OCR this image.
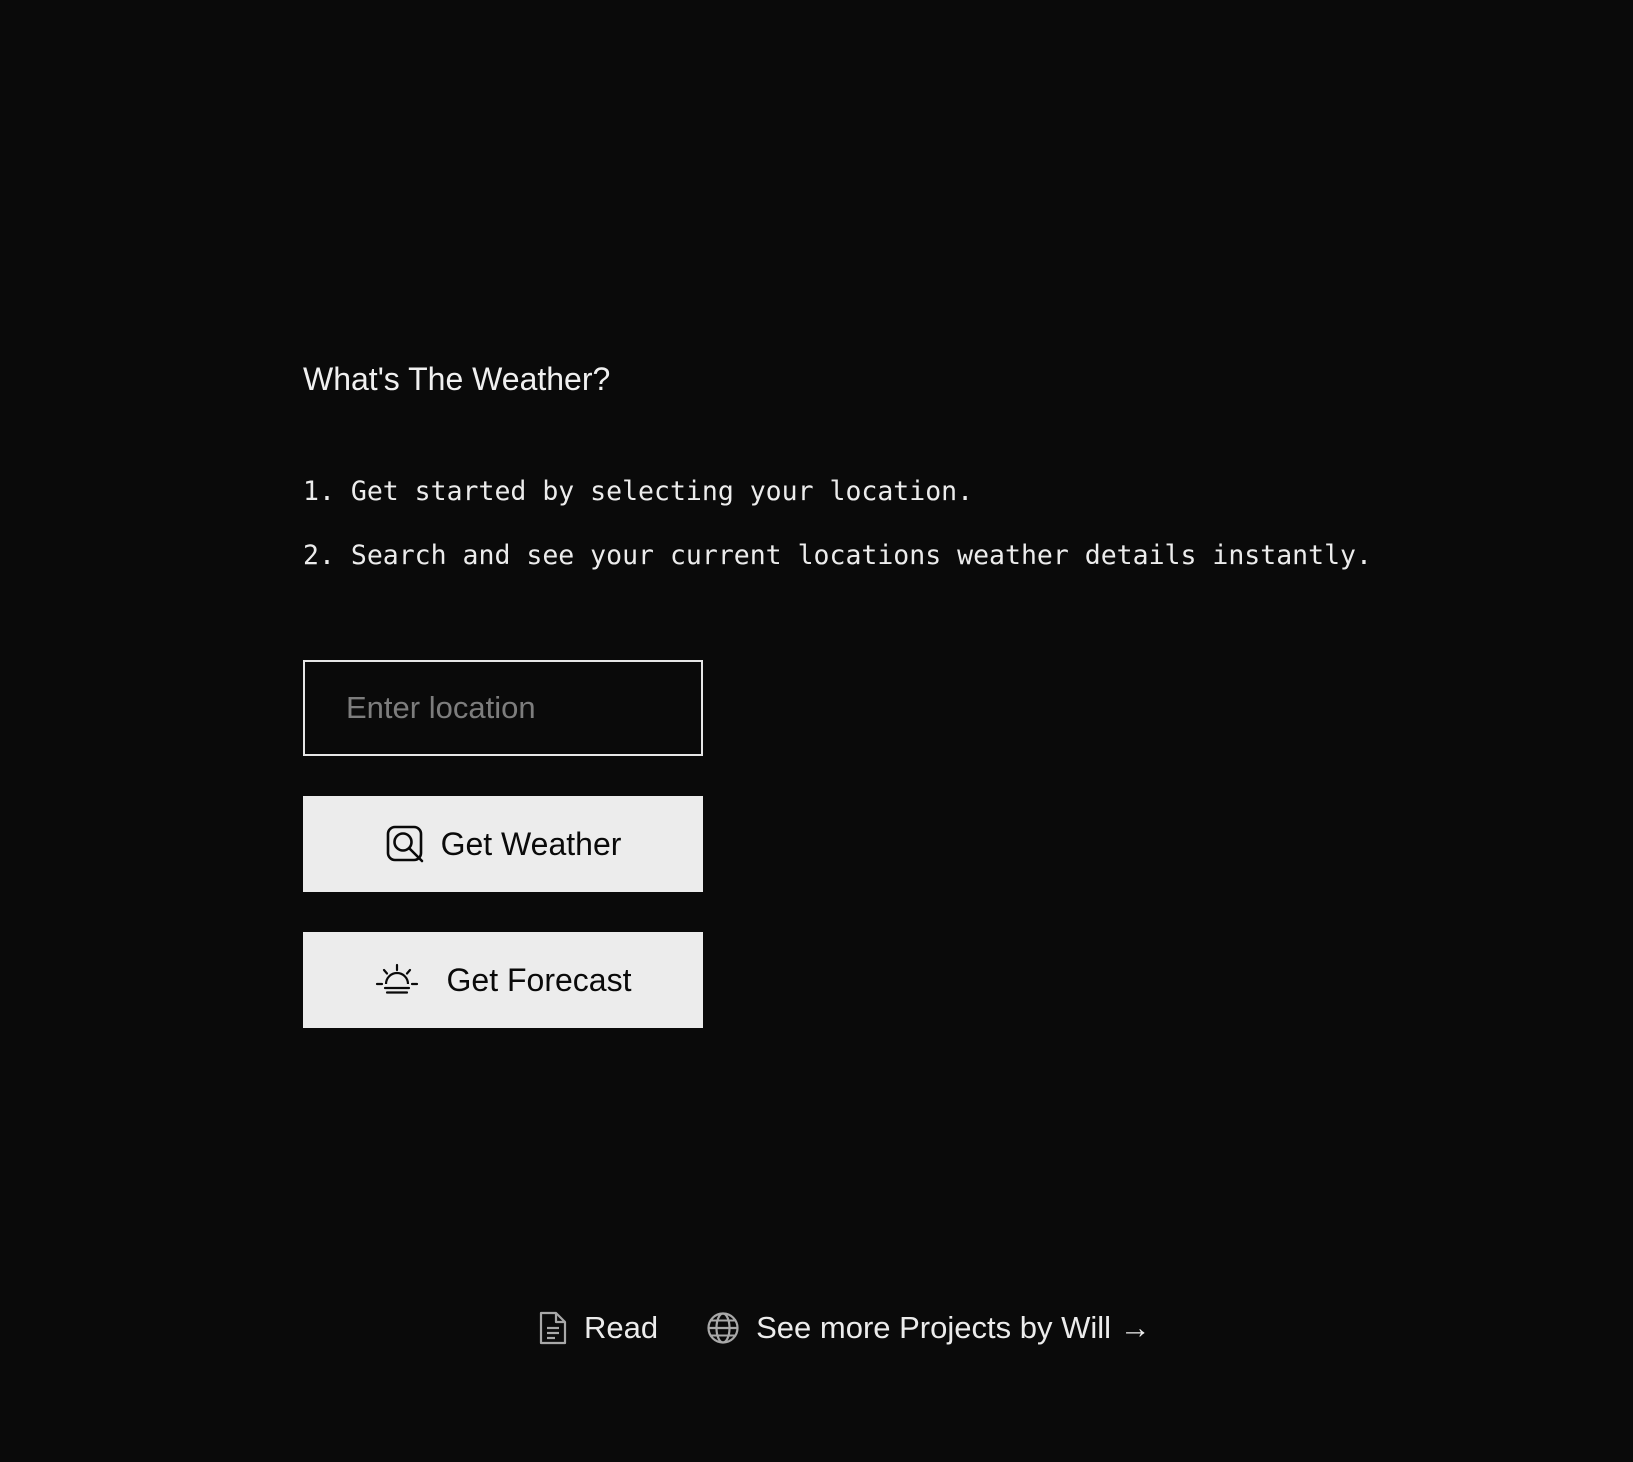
What's The Weather?
1. Get started by selecting your location.
2. Search and see your current locations weather details instantly.
Enter location
Get Weather
Get Forecast
Read	See more Projects by Will →
